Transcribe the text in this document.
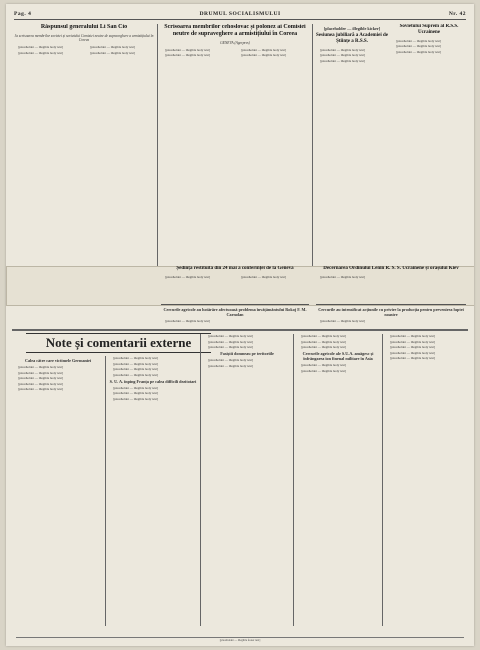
Pag. 4	DRUMUL SOCIALISMULUI	Nr. 42
Răspunsul generalului Li San Cio
Ja scrisoarea membrilor sovietei și sovietului Comisiei neutre de supraveghere a armistițiului în Coreea

[placeholder — illegible body text]

[placeholder — illegible body text]

[placeholder — illegible body text]

[placeholder — illegible body text]

Scrisoarea membrilor cehoslovac și polonez ai Comisiei neutre de supraveghere a armistițiului în Coreea
GENEVA (Agerpres)

[placeholder — illegible body text]

[placeholder — illegible body text]

[placeholder — illegible body text]

[placeholder — illegible body text]

[placeholder — illegible kicker]
Sesiunea jubiliară a Academiei de Științe a R.S.S.

[placeholder — illegible body text]

[placeholder — illegible body text]

[placeholder — illegible body text]

Sovietului Suprem al R.S.S. Ucrainene

[placeholder — illegible body text]

[placeholder — illegible body text]

[placeholder — illegible body text]

Ședința restituită din 24 mai a conferinței de la Geneva

[placeholder — illegible body text]	[placeholder — illegible body text]

Decernarea Ordinului Lenin R. S. S. Ucrainene și orașului Kiev

[placeholder — illegible body text]

Cercurile agricole au hotărâre afectuoasă problema învățământului Rokoj F. M. Carnolan

[placeholder — illegible body text]

Cercurile au intensificat acțiunile cu privire la producția pentru prevenirea luptei noastre

[placeholder — illegible body text]

Note și comentarii externe
Calea către care victimele Germaniei

[placeholder — illegible body text]

[placeholder — illegible body text]

[placeholder — illegible body text]

[placeholder — illegible body text]

[placeholder — illegible body text]

[placeholder — illegible body text]

[placeholder — illegible body text]

[placeholder — illegible body text]

[placeholder — illegible body text]

S. U. A. înping Franța pe calea difficili dezitotari

[placeholder — illegible body text]

[placeholder — illegible body text]

[placeholder — illegible body text]

[placeholder — illegible body text]

[placeholder — illegible body text]

[placeholder — illegible body text]

Fasiștii domneau pe teritoriile

[placeholder — illegible body text]

[placeholder — illegible body text]

[placeholder — illegible body text]

[placeholder — illegible body text]

[placeholder — illegible body text]

Cercurile agricole ale S.U.A. amăgesc și înfrângarea ion finenal militare în Asia

[placeholder — illegible body text]

[placeholder — illegible body text]

[placeholder — illegible body text]

[placeholder — illegible body text]

[placeholder — illegible body text]

[placeholder — illegible body text]

[placeholder — illegible body text]

[placeholder — illegible footer text]
